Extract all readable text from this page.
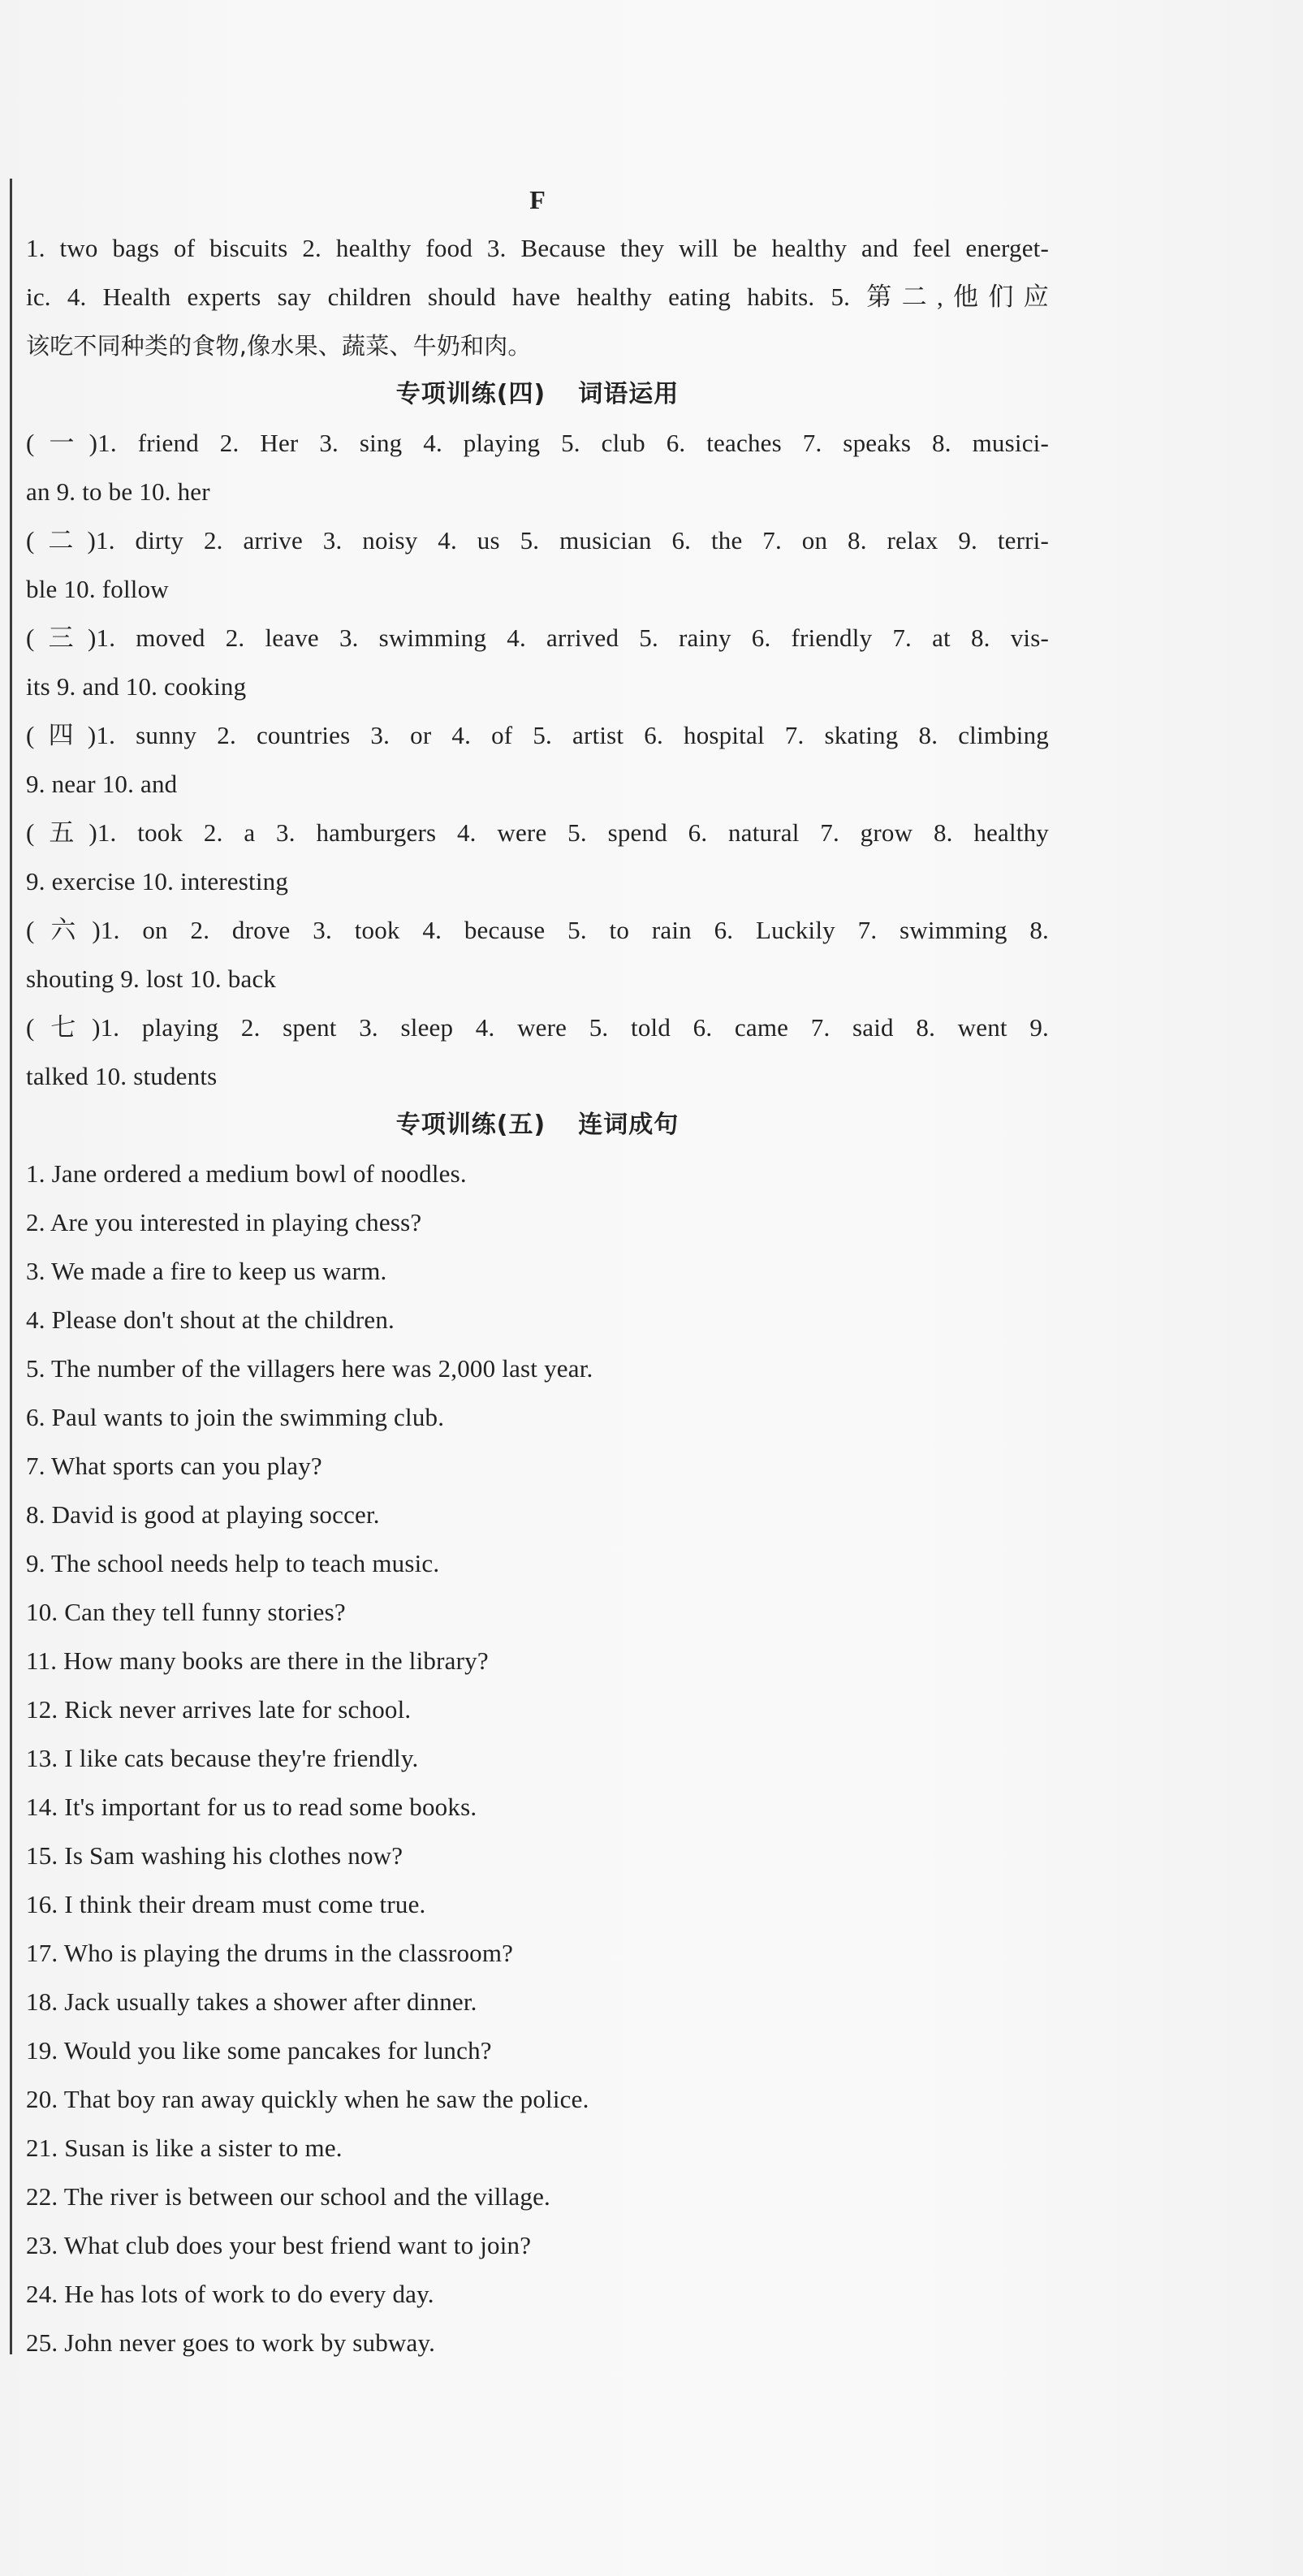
F
1. two bags of biscuits 2. healthy food 3. Because they will be healthy and feel energet-
ic. 4. Health experts say children should have healthy eating habits. 5. 第二,他们应
该吃不同种类的食物,像水果、蔬菜、牛奶和肉。
专项训练(四) 词语运用
(一)1. friend 2. Her 3. sing 4. playing 5. club 6. teaches 7. speaks 8. musici-
an 9. to be 10. her
(二)1. dirty 2. arrive 3. noisy 4. us 5. musician 6. the 7. on 8. relax 9. terri-
ble 10. follow
(三)1. moved 2. leave 3. swimming 4. arrived 5. rainy 6. friendly 7. at 8. vis-
its 9. and 10. cooking
(四)1. sunny 2. countries 3. or 4. of 5. artist 6. hospital 7. skating 8. climbing
9. near 10. and
(五)1. took 2. a 3. hamburgers 4. were 5. spend 6. natural 7. grow 8. healthy
9. exercise 10. interesting
(六)1. on 2. drove 3. took 4. because 5. to rain 6. Luckily 7. swimming 8.
shouting 9. lost 10. back
(七)1. playing 2. spent 3. sleep 4. were 5. told 6. came 7. said 8. went 9.
talked 10. students
专项训练(五) 连词成句
1. Jane ordered a medium bowl of noodles.
2. Are you interested in playing chess?
3. We made a fire to keep us warm.
4. Please don't shout at the children.
5. The number of the villagers here was 2,000 last year.
6. Paul wants to join the swimming club.
7. What sports can you play?
8. David is good at playing soccer.
9. The school needs help to teach music.
10. Can they tell funny stories?
11. How many books are there in the library?
12. Rick never arrives late for school.
13. I like cats because they're friendly.
14. It's important for us to read some books.
15. Is Sam washing his clothes now?
16. I think their dream must come true.
17. Who is playing the drums in the classroom?
18. Jack usually takes a shower after dinner.
19. Would you like some pancakes for lunch?
20. That boy ran away quickly when he saw the police.
21. Susan is like a sister to me.
22. The river is between our school and the village.
23. What club does your best friend want to join?
24. He has lots of work to do every day.
25. John never goes to work by subway.
